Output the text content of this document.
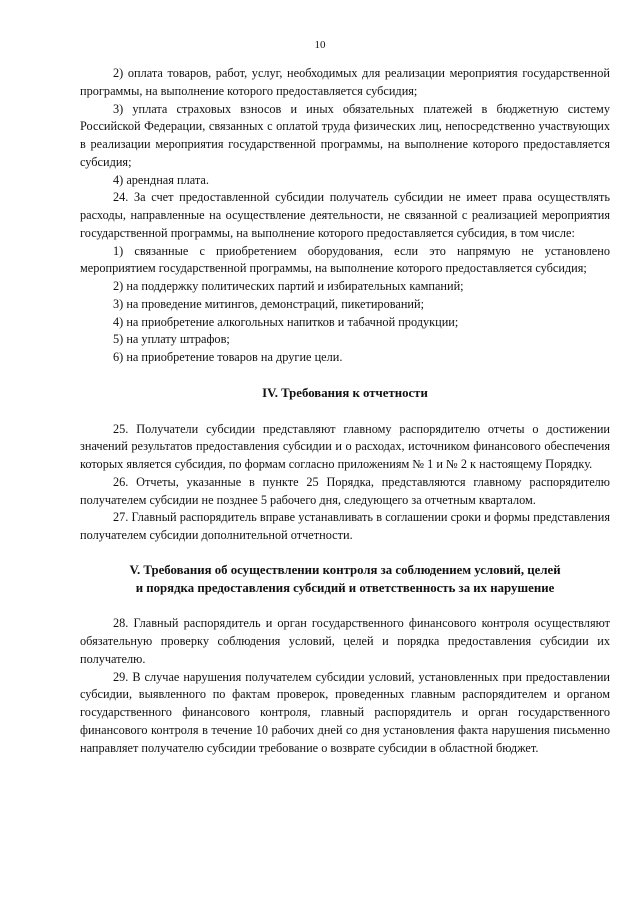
10

2) оплата товаров, работ, услуг, необходимых для реализации мероприятия государственной программы, на выполнение которого предоставляется субсидия;

3) уплата страховых взносов и иных обязательных платежей в бюджетную систему Российской Федерации, связанных с оплатой труда физических лиц, непосредственно участвующих в реализации мероприятия государственной программы, на выполнение которого предоставляется субсидия;

4) арендная плата.

24. За счет предоставленной субсидии получатель субсидии не имеет права осуществлять расходы, направленные на осуществление деятельности, не связанной с реализацией мероприятия государственной программы, на выполнение которого предоставляется субсидия, в том числе:

1) связанные с приобретением оборудования, если это напрямую не установлено мероприятием государственной программы, на выполнение которого предоставляется субсидия;

2) на поддержку политических партий и избирательных кампаний;

3) на проведение митингов, демонстраций, пикетирований;

4) на приобретение алкогольных напитков и табачной продукции;

5) на уплату штрафов;

6) на приобретение товаров на другие цели.

IV. Требования к отчетности

25. Получатели субсидии представляют главному распорядителю отчеты о достижении значений результатов предоставления субсидии и о расходах, источником финансового обеспечения которых является субсидия, по формам согласно приложениям № 1 и № 2 к настоящему Порядку.

26. Отчеты, указанные в пункте 25 Порядка, представляются главному распорядителю получателем субсидии не позднее 5 рабочего дня, следующего за отчетным кварталом.

27. Главный распорядитель вправе устанавливать в соглашении сроки и формы представления получателем субсидии дополнительной отчетности.

V. Требования об осуществлении контроля за соблюдением условий, целей
и порядка предоставления субсидий и ответственность за их нарушение

28. Главный распорядитель и орган государственного финансового контроля осуществляют обязательную проверку соблюдения условий, целей и порядка предоставления субсидии их получателю.

29. В случае нарушения получателем субсидии условий, установленных при предоставлении субсидии, выявленного по фактам проверок, проведенных главным распорядителем и органом государственного финансового контроля, главный распорядитель и орган государственного финансового контроля в течение 10 рабочих дней со дня установления факта нарушения письменно направляет получателю субсидии требование о возврате субсидии в областной бюджет.
